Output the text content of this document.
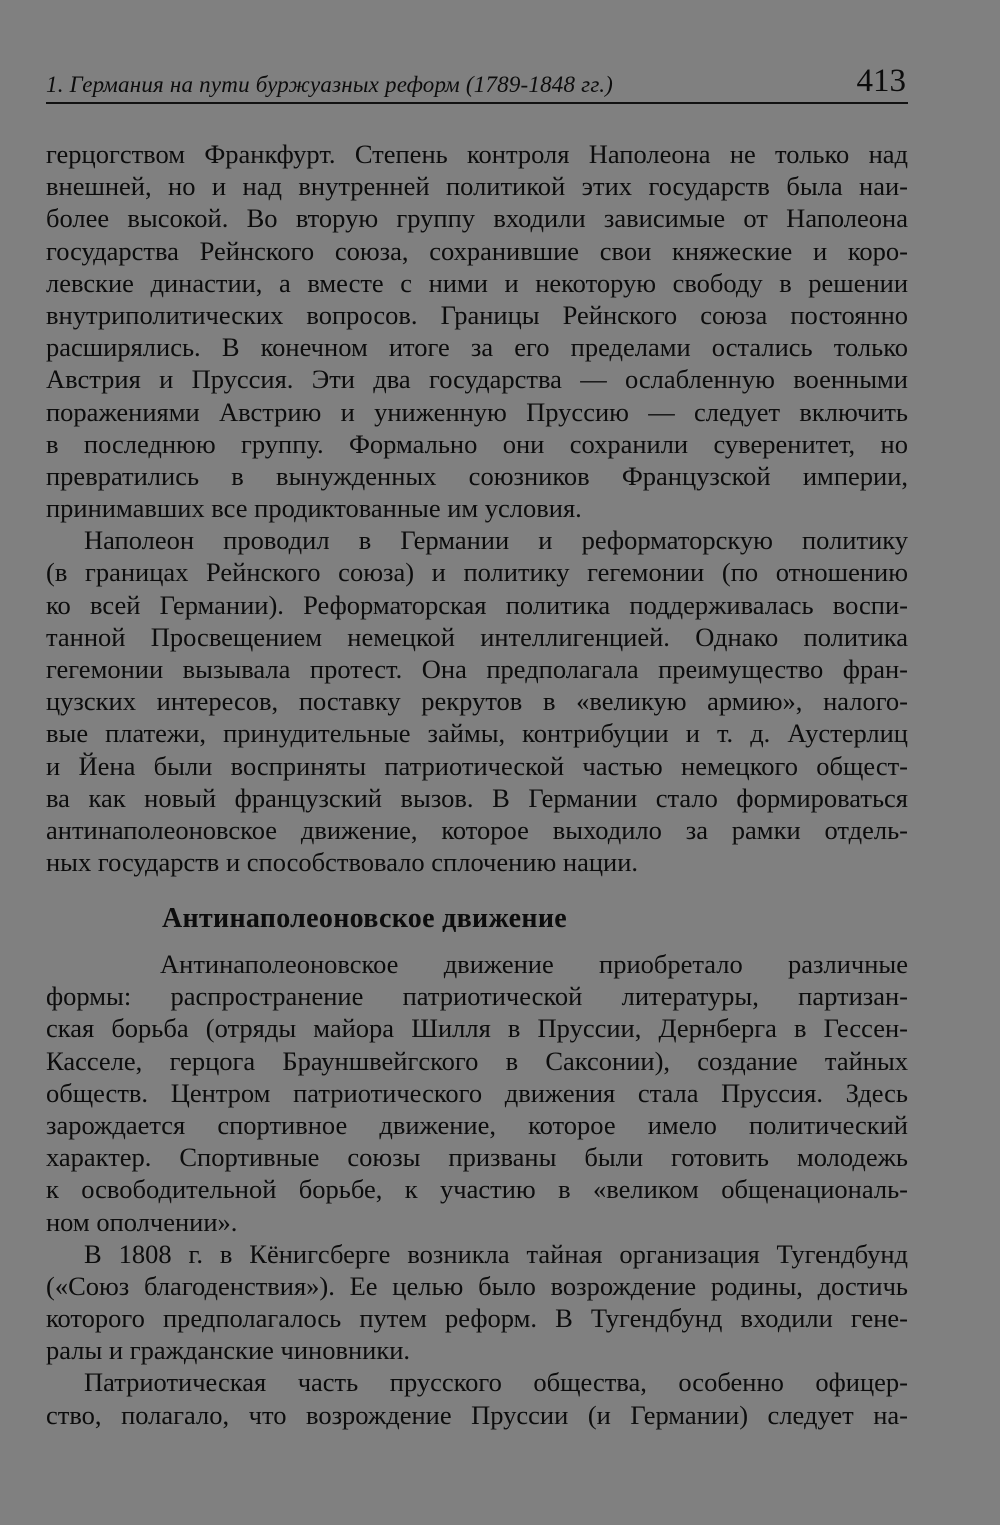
1. Германия на пути буржуазных реформ (1789-1848 гг.)	413
герцогством Франкфурт. Степень контроля Наполеона не только над
внешней, но и над внутренней политикой этих государств была наи-
более высокой. Во вторую группу входили зависимые от Наполеона
государства Рейнского союза, сохранившие свои княжеские и коро-
левские династии, а вместе с ними и некоторую свободу в решении
внутриполитических вопросов. Границы Рейнского союза постоянно
расширялись. В конечном итоге за его пределами остались только
Австрия и Пруссия. Эти два государства — ослабленную военными
поражениями Австрию и униженную Пруссию — следует включить
в последнюю группу. Формально они сохранили суверенитет, но
превратились в вынужденных союзников Французской империи,
принимавших все продиктованные им условия.
Наполеон проводил в Германии и реформаторскую политику
(в границах Рейнского союза) и политику гегемонии (по отношению
ко всей Германии). Реформаторская политика поддерживалась воспи-
танной Просвещением немецкой интеллигенцией. Однако политика
гегемонии вызывала протест. Она предполагала преимущество фран-
цузских интересов, поставку рекрутов в «великую армию», налого-
вые платежи, принудительные займы, контрибуции и т. д. Аустерлиц
и Йена были восприняты патриотической частью немецкого общест-
ва как новый французский вызов. В Германии стало формироваться
антинаполеоновское движение, которое выходило за рамки отдель-
ных государств и способствовало сплочению нации.
Антинаполеоновское движение
Антинаполеоновское движение приобретало различные
формы: распространение патриотической литературы, партизан-
ская борьба (отряды майора Шилля в Пруссии, Дернберга в Гессен-
Касселе, герцога Брауншвейгского в Саксонии), создание тайных
обществ. Центром патриотического движения стала Пруссия. Здесь
зарождается спортивное движение, которое имело политический
характер. Спортивные союзы призваны были готовить молодежь
к освободительной борьбе, к участию в «великом общенациональ-
ном ополчении».
В 1808 г. в Кёнигсберге возникла тайная организация Тугендбунд
(«Союз благоденствия»). Ее целью было возрождение родины, достичь
которого предполагалось путем реформ. В Тугендбунд входили гене-
ралы и гражданские чиновники.
Патриотическая часть прусского общества, особенно офицер-
ство, полагало, что возрождение Пруссии (и Германии) следует на-
